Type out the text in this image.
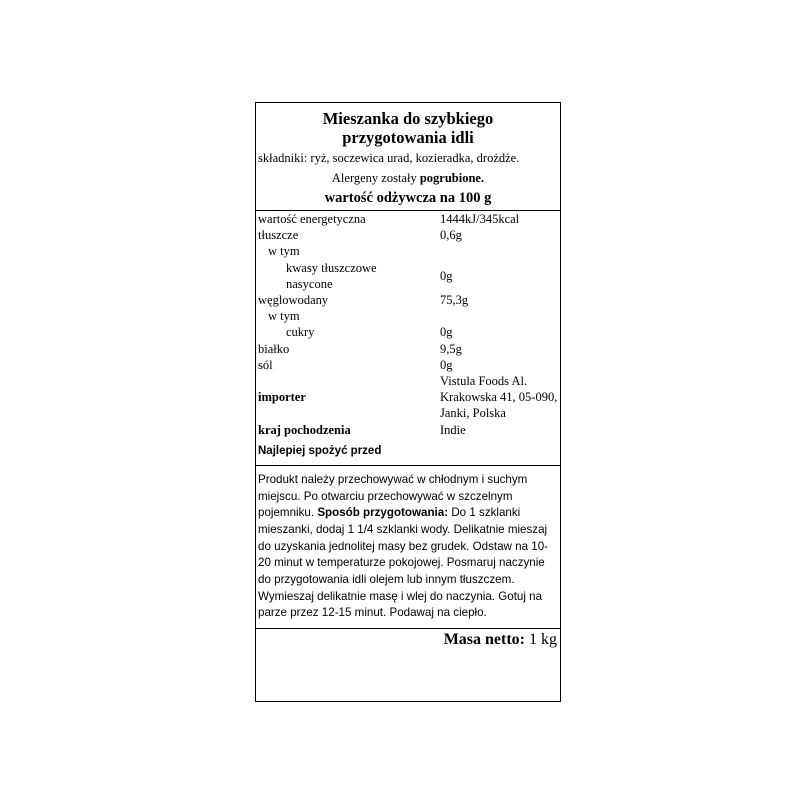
Mieszanka do szybkiego
przygotowania idli
składniki: ryż, soczewica urad, kozieradka, drożdże.
Alergeny zostały pogrubione.
wartość odżywcza na 100 g
wartość energetyczna	1444kJ/345kcal
tłuszcze	0,6g
w tym	

kwasy tłuszczowe
nasycone	0g
węglowodany	75,3g
w tym	
cukry	0g
białko	9,5g
sól	0g
importer	Vistula Foods Al.
Krakowska 41, 05-090,
Janki, Polska

kraj pochodzenia	Indie
Najlepiej spożyć przed
Produkt należy przechowywać w chłodnym i suchym miejscu. Po otwarciu przechowywać w szczelnym pojemniku. Sposób przygotowania: Do 1 szklanki mieszanki, dodaj 1 1/4 szklanki wody. Delikatnie mieszaj do uzyskania jednolitej masy bez grudek. Odstaw na 10-20 minut w temperaturze pokojowej. Posmaruj naczynie do przygotowania idli olejem lub innym tłuszczem. Wymieszaj delikatnie masę i wlej do naczynia. Gotuj na parze przez 12-15 minut. Podawaj na ciepło.
Masa netto: 1 kg
